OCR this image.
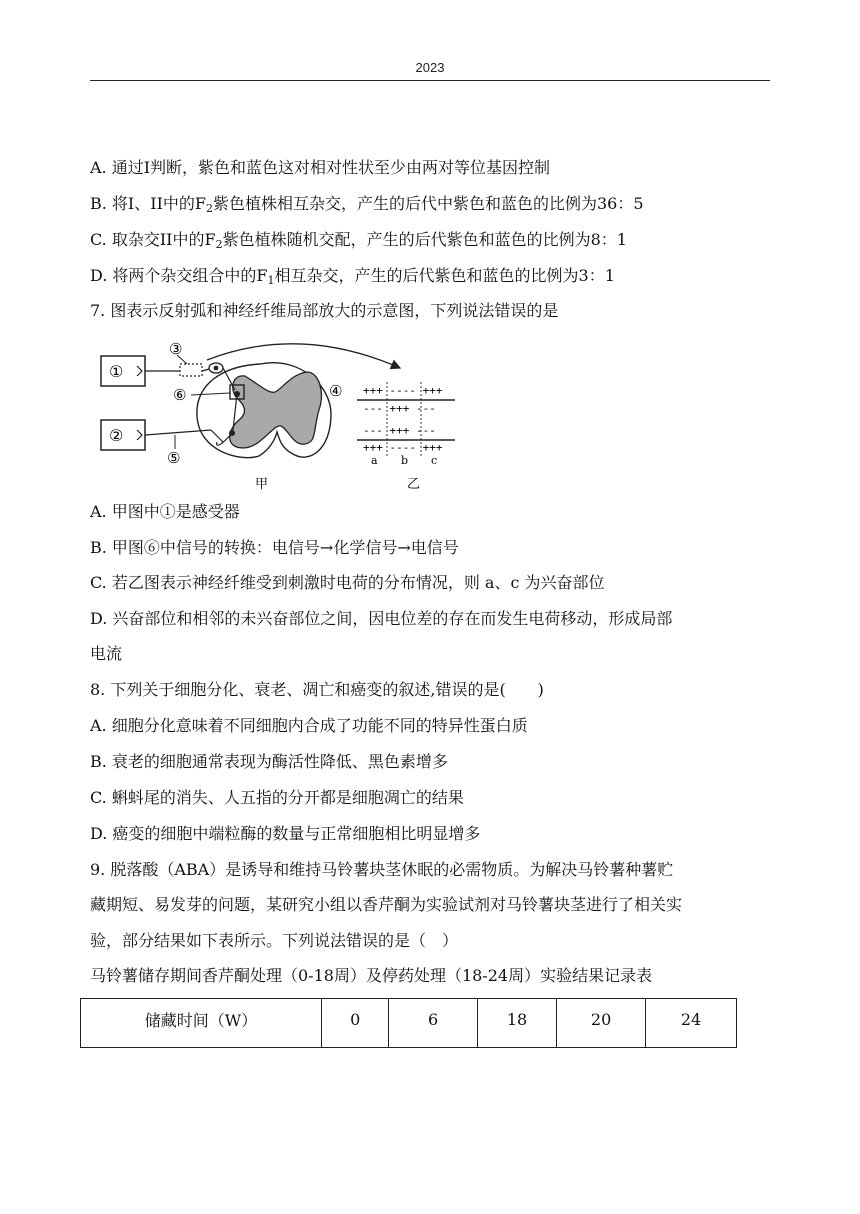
2023
A. 通过I判断，紫色和蓝色这对相对性状至少由两对等位基因控制
B. 将I、II中的$F_2$紫色植株相互杂交，产生的后代中紫色和蓝色的比例为36：5
C. 取杂交II中的$F_2$紫色植株随机交配，产生的后代紫色和蓝色的比例为8：1
D. 将两个杂交组合中的$F_1$相互杂交，产生的后代紫色和蓝色的比例为3：1
7. 图表示反射弧和神经纤维局部放大的示意图，下列说法错误的是
①
②
③
⑥
⑤
④
甲	乙
+++ ---- +++
--- +++ ---
--- +++ ---
+++ ---- +++
a b c
A. 甲图中①是感受器
B. 甲图⑥中信号的转换：电信号→化学信号→电信号
C. 若乙图表示神经纤维受到刺激时电荷的分布情况，则 a、c 为兴奋部位
D. 兴奋部位和相邻的未兴奋部位之间，因电位差的存在而发生电荷移动，形成局部
电流
8. 下列关于细胞分化、衰老、凋亡和癌变的叙述,错误的是(　　)
A. 细胞分化意味着不同细胞内合成了功能不同的特异性蛋白质
B. 衰老的细胞通常表现为酶活性降低、黑色素增多
C. 蝌蚪尾的消失、人五指的分开都是细胞凋亡的结果
D. 癌变的细胞中端粒酶的数量与正常细胞相比明显增多
9. 脱落酸（ABA）是诱导和维持马铃薯块茎休眠的必需物质。为解决马铃薯种薯贮
藏期短、易发芽的问题，某研究小组以香芹酮为实验试剂对马铃薯块茎进行了相关实
验，部分结果如下表所示。下列说法错误的是（　）
马铃薯储存期间香芹酮处理（0-18周）及停药处理（18-24周）实验结果记录表
储藏时间（W）	0	6	18	20	24
